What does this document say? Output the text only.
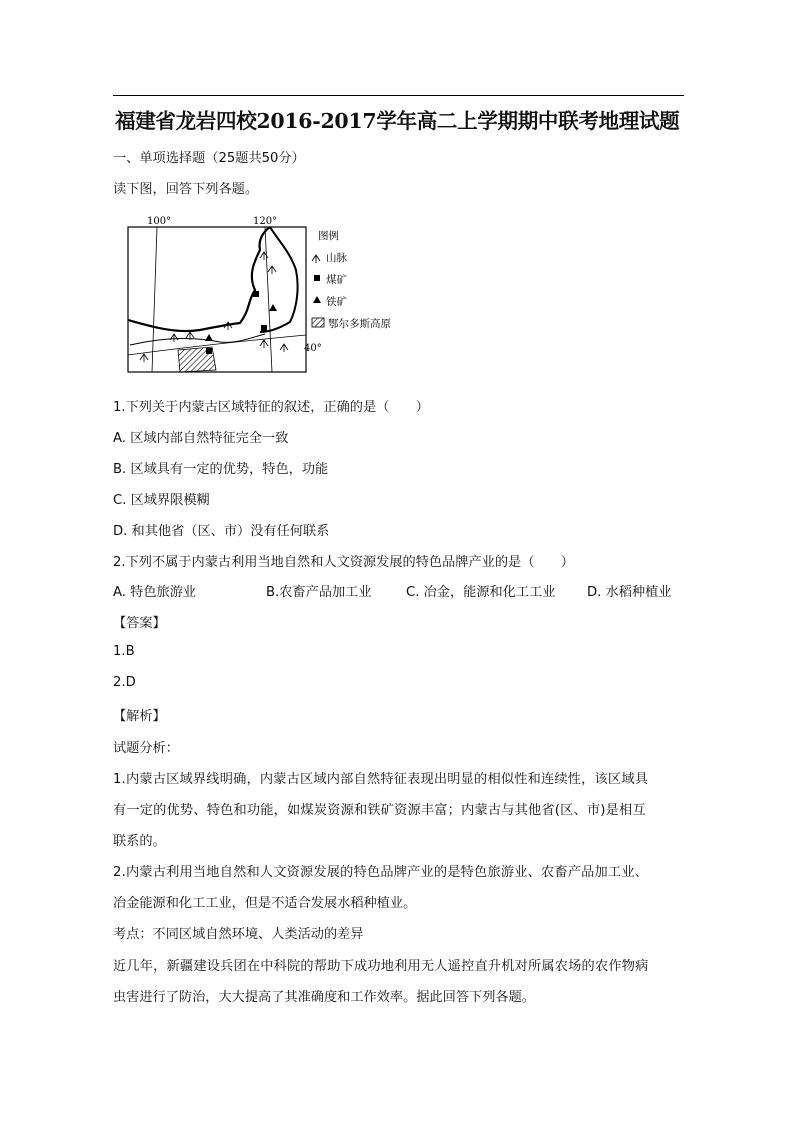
福建省龙岩四校2016-2017学年高二上学期期中联考地理试题
一、单项选择题（25题共50分）
读下图，回答下列各题。
100°	120°
40°
图例
山脉
煤矿
铁矿
鄂尔多斯高原
1.下列关于内蒙古区域特征的叙述，正确的是（　　）
A. 区域内部自然特征完全一致
B. 区域具有一定的优势，特色，功能
C. 区域界限模糊
D. 和其他省（区、市）没有任何联系
2.下列不属于内蒙古利用当地自然和人文资源发展的特色品牌产业的是（　　）
A. 特色旅游业	B.农畜产品加工业	C. 冶金，能源和化工工业 D. 水稻种植业
【答案】
1.B
2.D
【解析】
试题分析：
1.内蒙古区域界线明确，内蒙古区域内部自然特征表现出明显的相似性和连续性，该区域具
有一定的优势、特色和功能，如煤炭资源和铁矿资源丰富；内蒙古与其他省(区、市)是相互
联系的。
2.内蒙古利用当地自然和人文资源发展的特色品牌产业的是特色旅游业、农畜产品加工业、
冶金能源和化工工业，但是不适合发展水稻种植业。
考点：不同区域自然环境、人类活动的差异
近几年，新疆建设兵团在中科院的帮助下成功地利用无人遥控直升机对所属农场的农作物病
虫害进行了防治，大大提高了其准确度和工作效率。据此回答下列各题。
